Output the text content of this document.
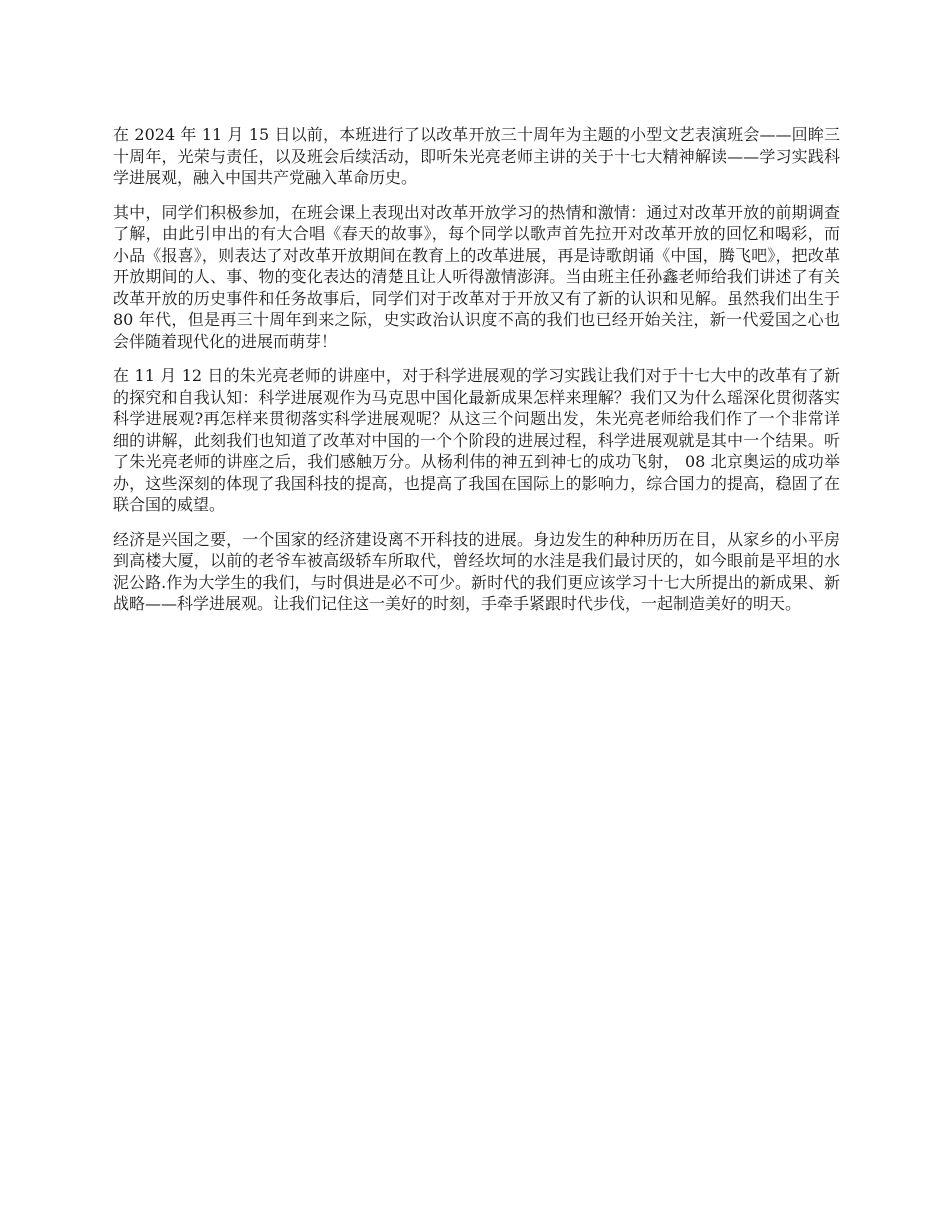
在 2024 年 11 月 15 日以前，本班进行了以改革开放三十周年为主题的小型文艺表演班会——回眸三十周年，光荣与责任，以及班会后续活动，即听朱光亮老师主讲的关于十七大精神解读——学习实践科学进展观，融入中国共产党融入革命历史。

其中，同学们积极参加，在班会课上表现出对改革开放学习的热情和激情：通过对改革开放的前期调查了解，由此引申出的有大合唱《春天的故事》，每个同学以歌声首先拉开对改革开放的回忆和喝彩，而小品《报喜》，则表达了对改革开放期间在教育上的改革进展，再是诗歌朗诵《中国，腾飞吧》，把改革开放期间的人、事、物的变化表达的清楚且让人听得激情澎湃。当由班主任孙鑫老师给我们讲述了有关改革开放的历史事件和任务故事后，同学们对于改革对于开放又有了新的认识和见解。虽然我们出生于 80 年代，但是再三十周年到来之际，史实政治认识度不高的我们也已经开始关注，新一代爱国之心也会伴随着现代化的进展而萌芽！

在 11 月 12 日的朱光亮老师的讲座中，对于科学进展观的学习实践让我们对于十七大中的改革有了新的探究和自我认知：科学进展观作为马克思中国化最新成果怎样来理解？我们又为什么瑶深化贯彻落实科学进展观?再怎样来贯彻落实科学进展观呢？从这三个问题出发，朱光亮老师给我们作了一个非常详细的讲解，此刻我们也知道了改革对中国的一个个阶段的进展过程，科学进展观就是其中一个结果。听了朱光亮老师的讲座之后，我们感触万分。从杨利伟的神五到神七的成功飞射， 08 北京奥运的成功举办，这些深刻的体现了我国科技的提高，也提高了我国在国际上的影响力，综合国力的提高，稳固了在联合国的威望。

经济是兴国之要，一个国家的经济建设离不开科技的进展。身边发生的种种历历在目，从家乡的小平房到高楼大厦，以前的老爷车被高级轿车所取代，曾经坎坷的水洼是我们最讨厌的，如今眼前是平坦的水泥公路.作为大学生的我们，与时俱进是必不可少。新时代的我们更应该学习十七大所提出的新成果、新战略——科学进展观。让我们记住这一美好的时刻，手牵手紧跟时代步伐，一起制造美好的明天。
